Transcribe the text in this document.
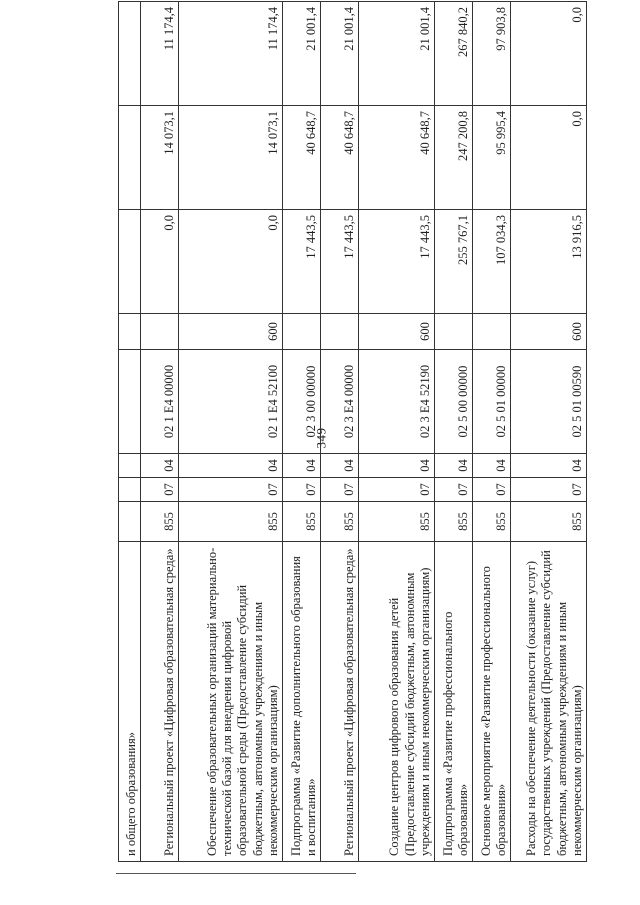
349
и общего образования»								
Региональный проект «Цифровая образовательная среда»	855	07	04	02 1 Е4 00000		0,0	14 073,1	11 174,4
Обеспечение образовательных организаций материально-технической базой для внедрения цифровой образовательной среды (Предоставление субсидий бюджетным, автономным учреждениям и иным некоммерческим организациям)	855	07	04	02 1 Е4 52100	600	0,0	14 073,1	11 174,4
Подпрограмма «Развитие дополнительного образования и воспитания»	855	07	04	02 3 00 00000		17 443,5	40 648,7	21 001,4
Региональный проект «Цифровая образовательная среда»	855	07	04	02 3 Е4 00000		17 443,5	40 648,7	21 001,4
Создание центров цифрового образования детей (Предоставление субсидий бюджетным, автономным учреждениям и иным некоммерческим организациям)	855	07	04	02 3 Е4 52190	600	17 443,5	40 648,7	21 001,4
Подпрограмма «Развитие профессионального образования»	855	07	04	02 5 00 00000		255 767,1	247 200,8	267 840,2
Основное мероприятие «Развитие профессионального образования»	855	07	04	02 5 01 00000		107 034,3	95 995,4	97 903,8
Расходы на обеспечение деятельности (оказание услуг) государственных учреждений (Предоставление субсидий бюджетным, автономным учреждениям и иным некоммерческим организациям)	855	07	04	02 5 01 00590	600	13 916,5	0,0	0,0
